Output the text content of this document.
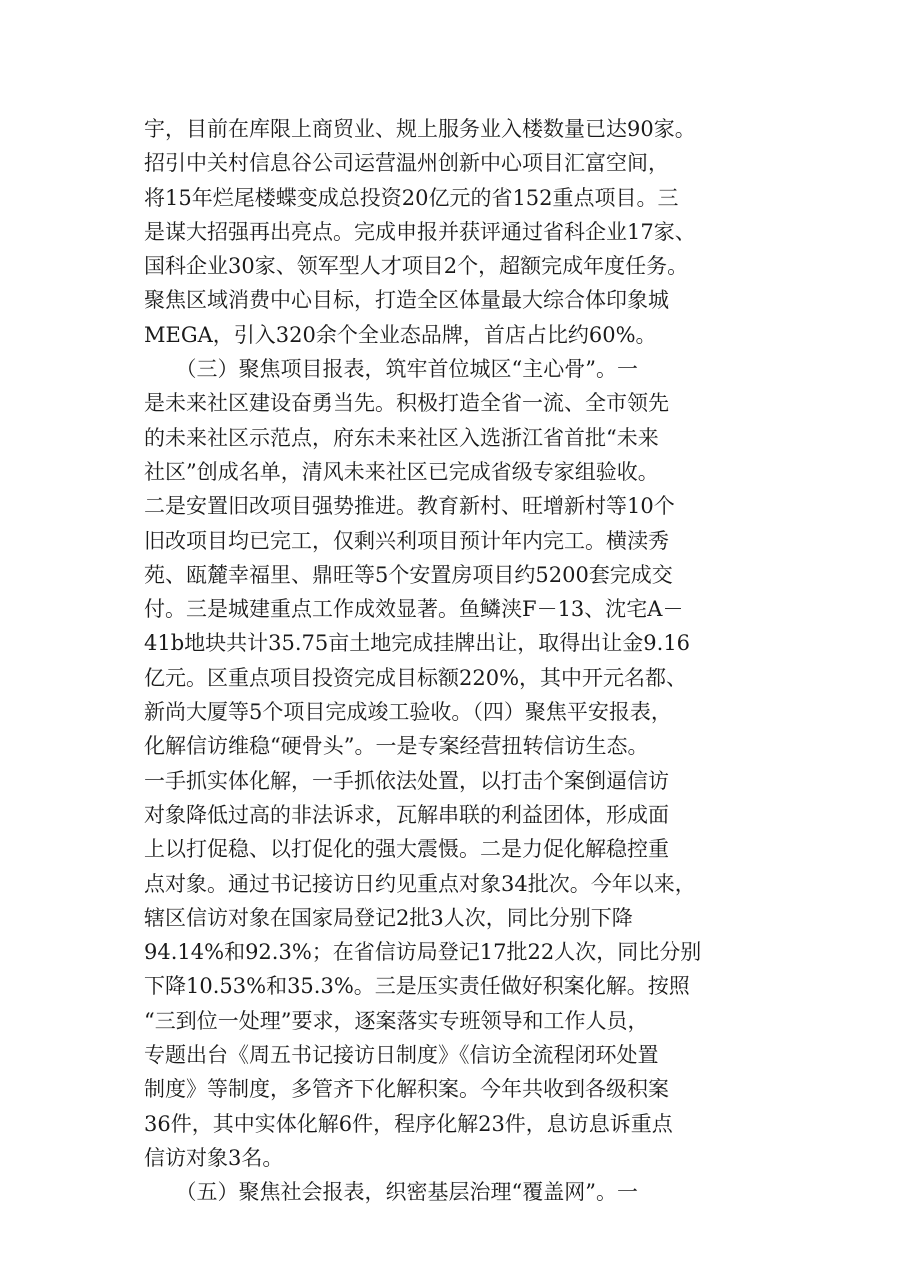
宇，目前在库限上商贸业、规上服务业入楼数量已达90家。
招引中关村信息谷公司运营温州创新中心项目汇富空间，
将15年烂尾楼蝶变成总投资20亿元的省152重点项目。三
是谋大招强再出亮点。完成申报并获评通过省科企业17家、
国科企业30家、领军型人才项目2个，超额完成年度任务。
聚焦区域消费中心目标，打造全区体量最大综合体印象城
MEGA，引入320余个全业态品牌，首店占比约60%。
　　（三）聚焦项目报表，筑牢首位城区“主心骨”。一
是未来社区建设奋勇当先。积极打造全省一流、全市领先
的未来社区示范点，府东未来社区入选浙江省首批“未来
社区”创成名单，清风未来社区已完成省级专家组验收。
二是安置旧改项目强势推进。教育新村、旺增新村等10个
旧改项目均已完工，仅剩兴利项目预计年内完工。横渎秀
苑、瓯麓幸福里、鼎旺等5个安置房项目约5200套完成交
付。三是城建重点工作成效显著。鱼鳞浃F－13、沈宅A－
41b地块共计35.75亩土地完成挂牌出让，取得出让金9.16
亿元。区重点项目投资完成目标额220%，其中开元名都、
新尚大厦等5个项目完成竣工验收。（四）聚焦平安报表，
化解信访维稳“硬骨头”。一是专案经营扭转信访生态。
一手抓实体化解，一手抓依法处置，以打击个案倒逼信访
对象降低过高的非法诉求，瓦解串联的利益团体，形成面
上以打促稳、以打促化的强大震慑。二是力促化解稳控重
点对象。通过书记接访日约见重点对象34批次。今年以来，
辖区信访对象在国家局登记2批3人次，同比分别下降
94.14%和92.3%；在省信访局登记17批22人次，同比分别
下降10.53%和35.3%。三是压实责任做好积案化解。按照
“三到位一处理”要求，逐案落实专班领导和工作人员，
专题出台《周五书记接访日制度》《信访全流程闭环处置
制度》等制度，多管齐下化解积案。今年共收到各级积案
36件，其中实体化解6件，程序化解23件，息访息诉重点
信访对象3名。
　　（五）聚焦社会报表，织密基层治理“覆盖网”。一
